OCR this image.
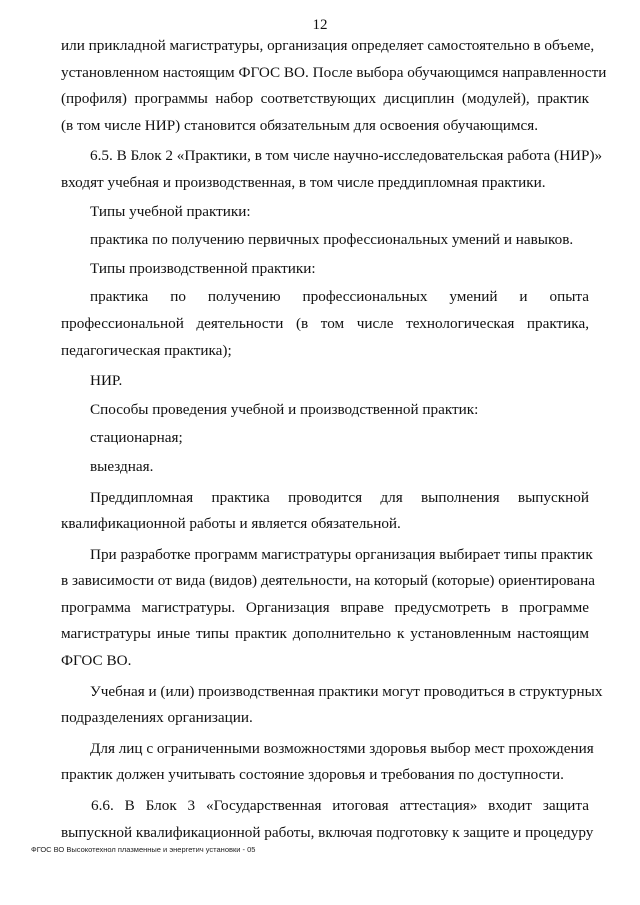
12
или прикладной магистратуры, организация определяет самостоятельно в объеме,
установленном настоящим ФГОС ВО. После выбора обучающимся направленности
(профиля) программы набор соответствующих дисциплин (модулей), практик
(в том числе НИР) становится обязательным для освоения обучающимся.
6.5. В Блок 2 «Практики, в том числе научно-исследовательская работа (НИР)»
входят учебная и производственная, в том числе преддипломная практики.
Типы учебной практики:
практика по получению первичных профессиональных умений и навыков.
Типы производственной практики:
практика по получению профессиональных умений и опыта
профессиональной деятельности (в том числе технологическая практика,
педагогическая практика);
НИР.
Способы проведения учебной и производственной практик:
стационарная;
выездная.
Преддипломная практика проводится для выполнения выпускной
квалификационной работы и является обязательной.
При разработке программ магистратуры организация выбирает типы практик
в зависимости от вида (видов) деятельности, на который (которые) ориентирована
программа магистратуры. Организация вправе предусмотреть в программе
магистратуры иные типы практик дополнительно к установленным настоящим
ФГОС ВО.
Учебная и (или) производственная практики могут проводиться в структурных
подразделениях организации.
Для лиц с ограниченными возможностями здоровья выбор мест прохождения
практик должен учитывать состояние здоровья и требования по доступности.
6.6. В Блок 3 «Государственная итоговая аттестация» входит защита
выпускной квалификационной работы, включая подготовку к защите и процедуру
ФГОС ВО Высокотехнол плазменные и энергетич установки - 05
